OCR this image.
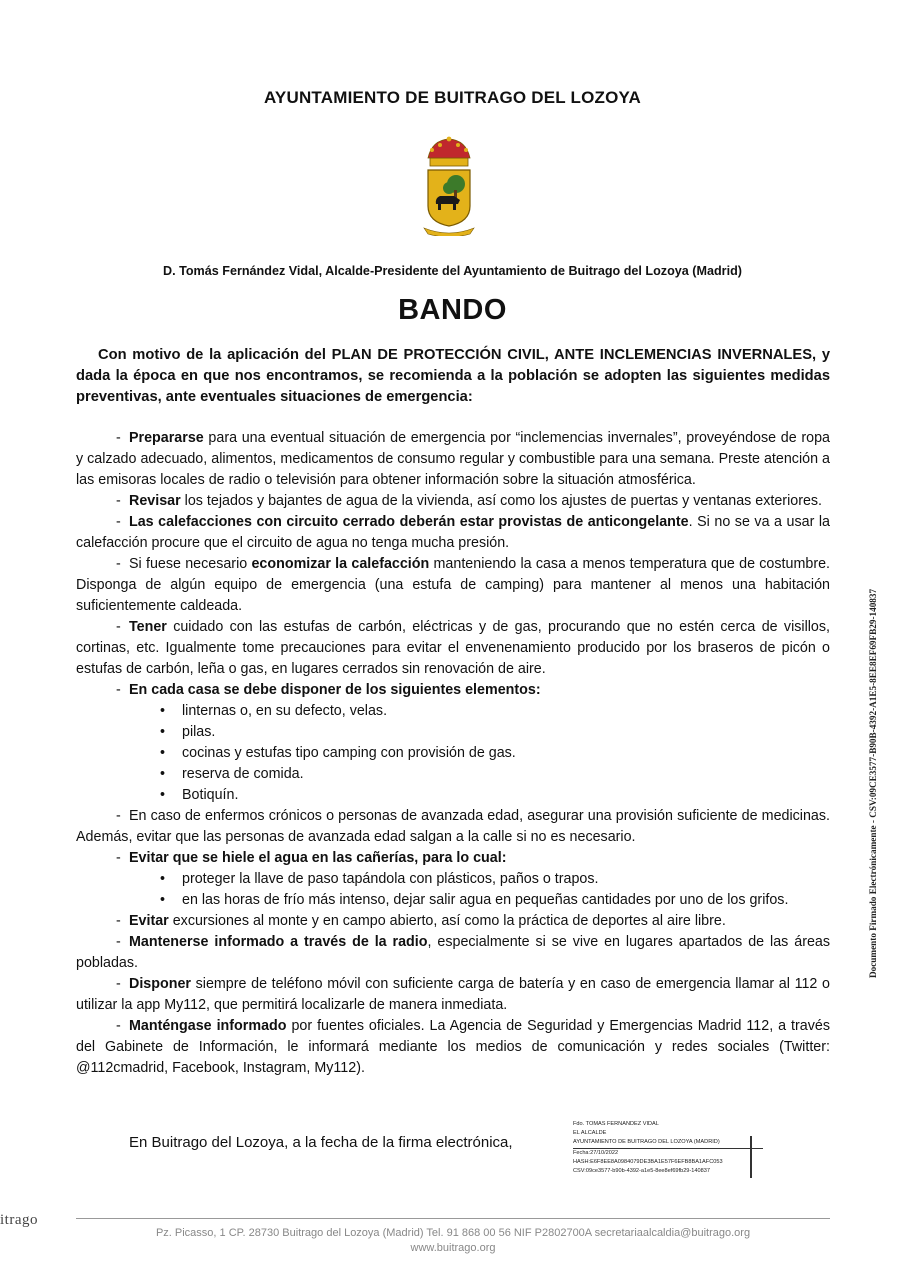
AYUNTAMIENTO DE BUITRAGO DEL LOZOYA
D. Tomás Fernández Vidal, Alcalde-Presidente del Ayuntamiento de Buitrago del Lozoya (Madrid)
BANDO
Con motivo de la aplicación del PLAN DE PROTECCIÓN CIVIL, ANTE INCLEMENCIAS INVERNALES, y dada la época en que nos encontramos, se recomienda a la población se adopten las siguientes medidas preventivas, ante eventuales situaciones de emergencia:

- Prepararse para una eventual situación de emergencia por “inclemencias invernales”, proveyéndose de ropa y calzado adecuado, alimentos, medicamentos de consumo regular y combustible para una semana. Preste atención a las emisoras locales de radio o televisión para obtener información sobre la situación atmosférica.

- Revisar los tejados y bajantes de agua de la vivienda, así como los ajustes de puertas y ventanas exteriores.

- Las calefacciones con circuito cerrado deberán estar provistas de anticongelante. Si no se va a usar la calefacción procure que el circuito de agua no tenga mucha presión.

- Si fuese necesario economizar la calefacción manteniendo la casa a menos temperatura que de costumbre. Disponga de algún equipo de emergencia (una estufa de camping) para mantener al menos una habitación suficientemente caldeada.

- Tener cuidado con las estufas de carbón, eléctricas y de gas, procurando que no estén cerca de visillos, cortinas, etc. Igualmente tome precauciones para evitar el envenenamiento producido por los braseros de picón o estufas de carbón, leña o gas, en lugares cerrados sin renovación de aire.

- En cada casa se debe disponer de los siguientes elementos:

• linternas o, en su defecto, velas.
• pilas.
• cocinas y estufas tipo camping con provisión de gas.
• reserva de comida.
• Botiquín.

- En caso de enfermos crónicos o personas de avanzada edad, asegurar una provisión suficiente de medicinas. Además, evitar que las personas de avanzada edad salgan a la calle si no es necesario.

- Evitar que se hiele el agua en las cañerías, para lo cual:

• proteger la llave de paso tapándola con plásticos, paños o trapos.
• en las horas de frío más intenso, dejar salir agua en pequeñas cantidades por uno de los grifos.

- Evitar excursiones al monte y en campo abierto, así como la práctica de deportes al aire libre.

- Mantenerse informado a través de la radio, especialmente si se vive en lugares apartados de las áreas pobladas.

- Disponer siempre de teléfono móvil con suficiente carga de batería y en caso de emergencia llamar al 112 o utilizar la app My112, que permitirá localizarle de manera inmediata.

- Manténgase informado por fuentes oficiales. La Agencia de Seguridad y Emergencias Madrid 112, a través del Gabinete de Información, le informará mediante los medios de comunicación y redes sociales (Twitter: @112cmadrid, Facebook, Instagram, My112).

En Buitrago del Lozoya, a la fecha de la firma electrónica,
Fdo. TOMAS FERNANDEZ VIDAL
EL ALCALDE
AYUNTAMIENTO DE BUITRAGO DEL LOZOYA (MADRID)
Fecha:27/10/2022
HASH:E6F8EE8A0984079DE3BA1E57F6EFB8BA1AFC053
CSV:09ce3577-b90b-4392-a1e5-8ee8ef69fb29-140837
Documento Firmado Electrónicamente - CSV:09CE3577-B90B-4392-A1E5-8EE8EF69FB29-140837
itrago
Pz. Picasso, 1 CP. 28730 Buitrago del Lozoya (Madrid) Tel. 91 868 00 56 NIF P2802700A secretariaalcaldia@buitrago.org
www.buitrago.org
